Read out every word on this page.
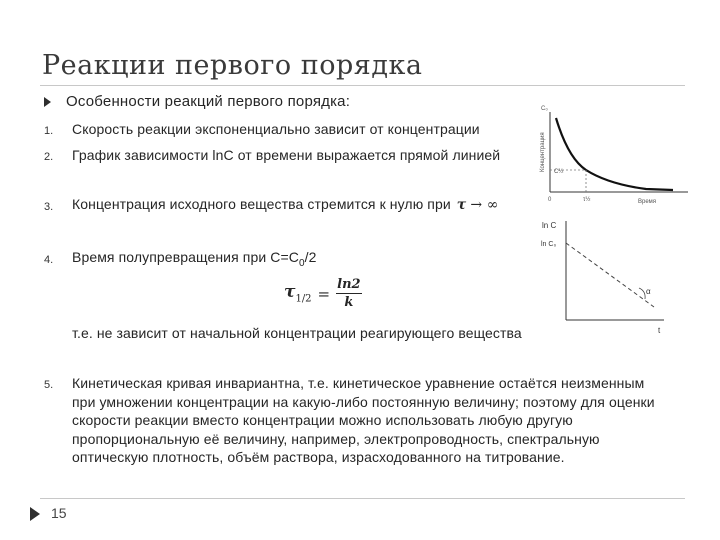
Реакции первого порядка
Особенности реакций первого порядка:
1. Скорость реакции экспоненциально зависит от концентрации
2. График зависимости lnC от времени выражается прямой линией
3. Концентрация исходного вещества стремится к нулю при τ → ∞
4. Время полупревращения при $С=С_0/2$
$\tau_{1/2} = \frac{\ln 2}{k}$
т.е. не зависит от начальной концентрации реагирующего вещества
5. Кинетическая кривая инвариантна, т.е. кинетическое уравнение остаётся неизменным
при умножении концентрации на какую-либо постоянную величину; поэтому для оценки
скорости реакции вместо концентрации можно использовать любую другую
пропорциональную её величину, например, электропроводность, спектральную
оптическую плотность, объём раствора, израсходованного на титрование.
C₀
C½
Концентрация
0	τ½	Время
ln C
ln C₀
α
t
15
